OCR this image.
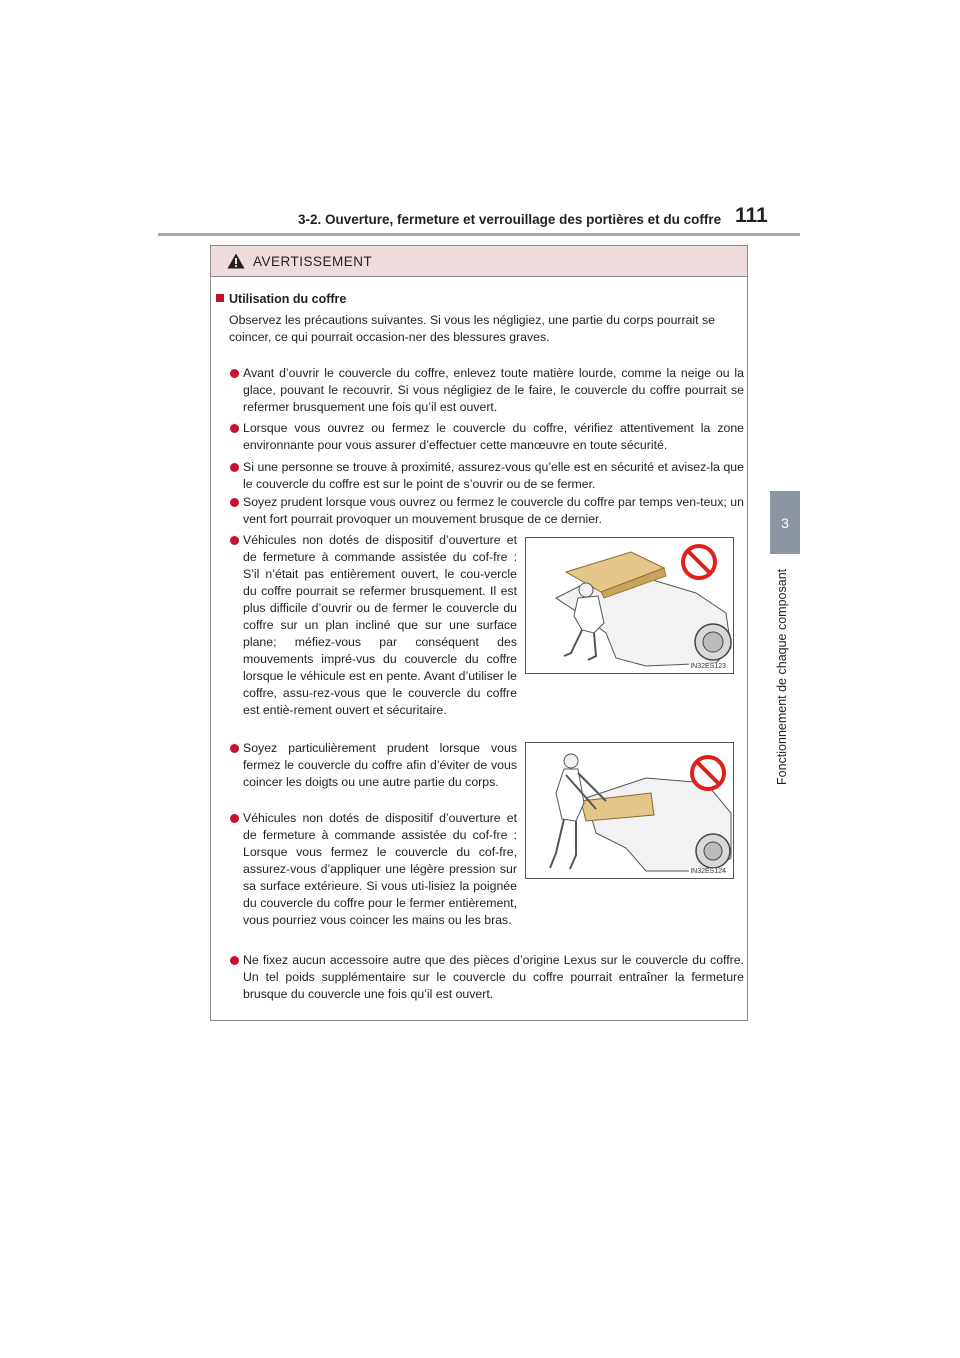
3-2. Ouverture, fermeture et verrouillage des portières et du coffre 111
3
Fonctionnement de chaque composant
AVERTISSEMENT
Utilisation du coffre
Observez les précautions suivantes. Si vous les négligiez, une partie du corps pourrait se coincer, ce qui pourrait occasion-ner des blessures graves.
Avant d’ouvrir le couvercle du coffre, enlevez toute matière lourde, comme la neige ou la glace, pouvant le recouvrir. Si vous négligiez de le faire, le couvercle du coffre pourrait se refermer brusquement une fois qu’il est ouvert.
Lorsque vous ouvrez ou fermez le couvercle du coffre, vérifiez attentivement la zone environnante pour vous assurer d’effectuer cette manœuvre en toute sécurité.
Si une personne se trouve à proximité, assurez-vous qu’elle est en sécurité et avisez-la que le couvercle du coffre est sur le point de s’ouvrir ou de se fermer.
Soyez prudent lorsque vous ouvrez ou fermez le couvercle du coffre par temps ven-teux; un vent fort pourrait provoquer un mouvement brusque de ce dernier.
Véhicules non dotés de dispositif d’ouverture et de fermeture à commande assistée du cof-fre : S’il n’était pas entièrement ouvert, le cou-vercle du coffre pourrait se refermer brusquement. Il est plus difficile d’ouvrir ou de fermer le couvercle du coffre sur un plan incliné que sur une surface plane; méfiez-vous par conséquent des mouvements impré-vus du couvercle du coffre lorsque le véhicule est en pente. Avant d’utiliser le coffre, assu-rez-vous que le couvercle du coffre est entiè-rement ouvert et sécuritaire.
Soyez particulièrement prudent lorsque vous fermez le couvercle du coffre afin d’éviter de vous coincer les doigts ou une autre partie du corps.
Véhicules non dotés de dispositif d’ouverture et de fermeture à commande assistée du cof-fre : Lorsque vous fermez le couvercle du cof-fre, assurez-vous d’appliquer une légère pression sur sa surface extérieure. Si vous uti-lisiez la poignée du couvercle du coffre pour le fermer entièrement, vous pourriez vous coincer les mains ou les bras.
Ne fixez aucun accessoire autre que des pièces d’origine Lexus sur le couvercle du coffre. Un tel poids supplémentaire sur le couvercle du coffre pourrait entraîner la fermeture brusque du couvercle une fois qu’il est ouvert.
IN32ES123
IN32ES124
